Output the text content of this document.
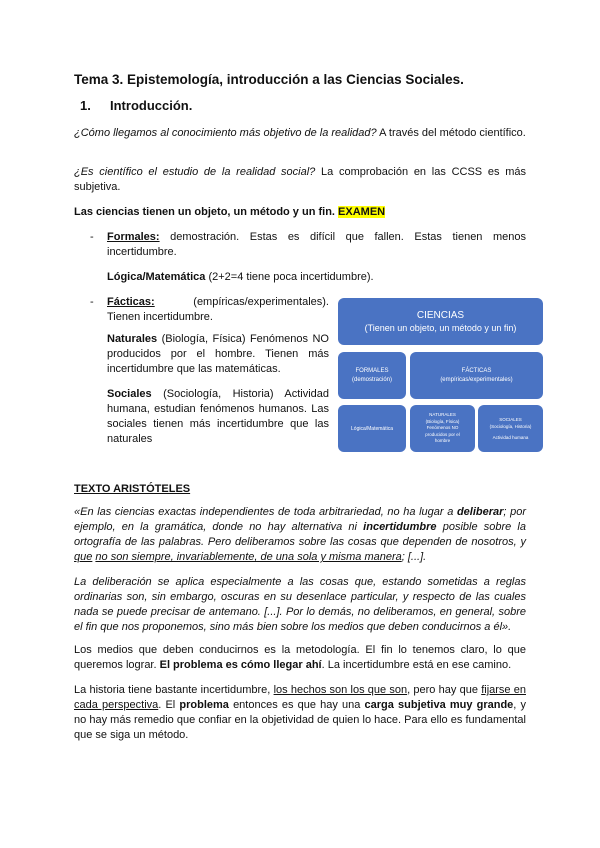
Tema 3. Epistemología, introducción a las Ciencias Sociales.
1. Introducción.
¿Cómo llegamos al conocimiento más objetivo de la realidad? A través del método científico.
¿Es científico el estudio de la realidad social? La comprobación en las CCSS es más subjetiva.
Las ciencias tienen un objeto, un método y un fin. EXAMEN
- Formales: demostración. Estas es difícil que fallen. Estas tienen menos incertidumbre.
Lógica/Matemática (2+2=4 tiene poca incertidumbre).
- Fácticas: (empíricas/experimentales). Tienen incertidumbre.
Naturales (Biología, Física) Fenómenos NO producidos por el hombre. Tienen más incertidumbre que las matemáticas.
Sociales (Sociología, Historia) Actividad humana, estudian fenómenos humanos. Las sociales tienen más incertidumbre que las naturales
CIENCIAS
(Tienen un objeto, un método y un fin)
FORMALES
(demostración)
FÁCTICAS
(empíricas/experimentales)
Lógica/Matemática
NATURALES
(Biología, Física)
Fenómenos NO
producidos por el
hombre
SOCIALES
(Sociología, Historia)
Actividad humana
TEXTO ARISTÓTELES
«En las ciencias exactas independientes de toda arbitrariedad, no ha lugar a deliberar; por ejemplo, en la gramática, donde no hay alternativa ni incertidumbre posible sobre la ortografía de las palabras. Pero deliberamos sobre las cosas que dependen de nosotros, y que no son siempre, invariablemente, de una sola y misma manera; [...].
La deliberación se aplica especialmente a las cosas que, estando sometidas a reglas ordinarias son, sin embargo, oscuras en su desenlace particular, y respecto de las cuales nada se puede precisar de antemano. [...]. Por lo demás, no deliberamos, en general, sobre el fin que nos proponemos, sino más bien sobre los medios que deben conducirnos a él».
Los medios que deben conducirnos es la metodología. El fin lo tenemos claro, lo que queremos lograr. El problema es cómo llegar ahí. La incertidumbre está en ese camino.
La historia tiene bastante incertidumbre, los hechos son los que son, pero hay que fijarse en cada perspectiva. El problema entonces es que hay una carga subjetiva muy grande, y no hay más remedio que confiar en la objetividad de quien lo hace. Para ello es fundamental que se siga un método.
